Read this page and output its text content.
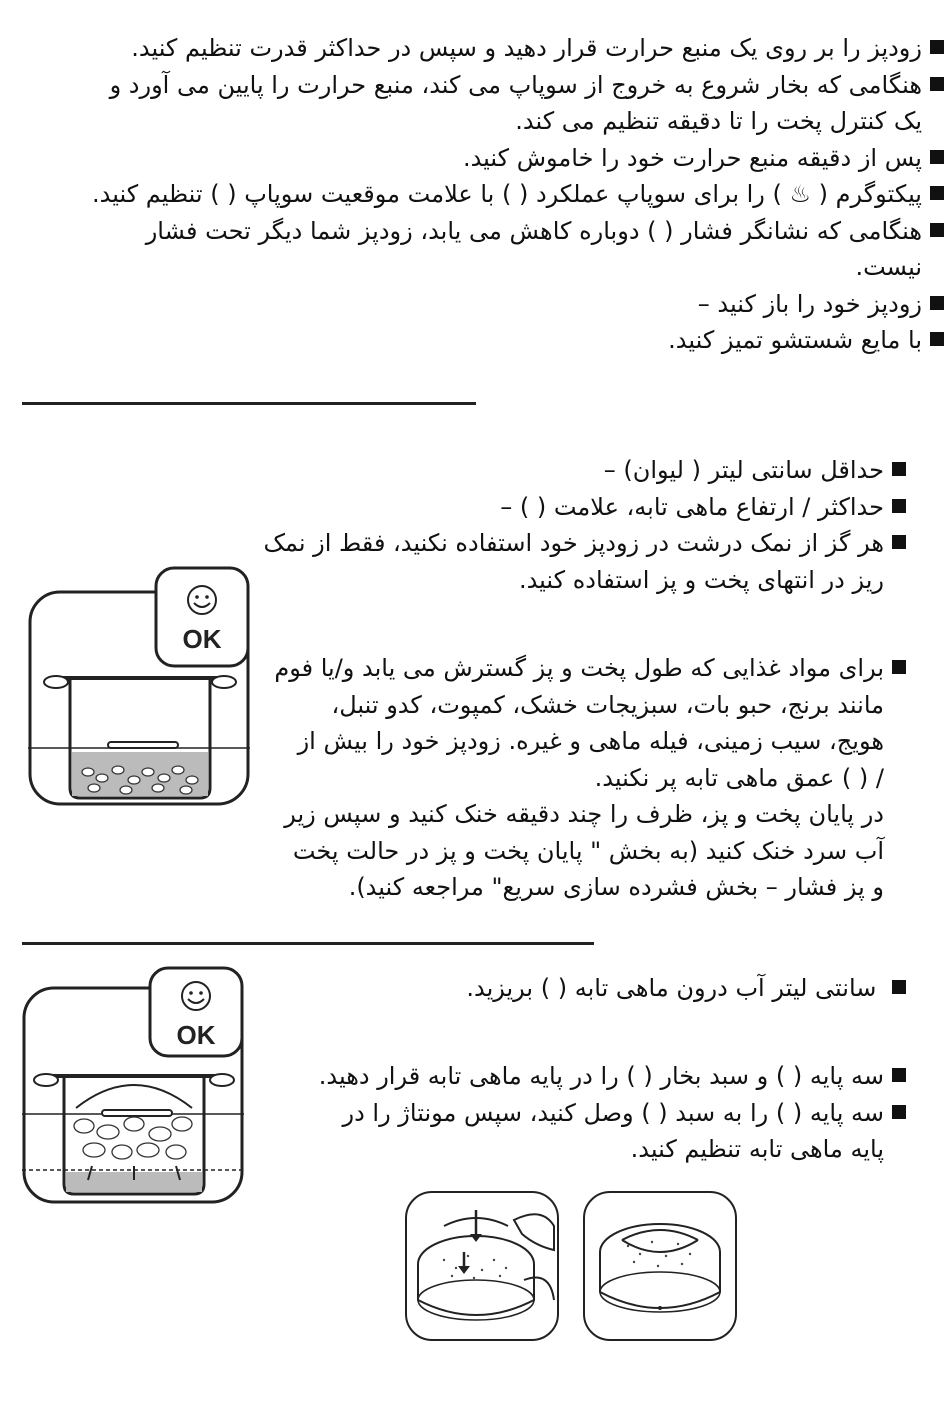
زودپز را بر روی یک منبع حرارت قرار دهید و سپس در حداکثر قدرت تنظیم کنید.
هنگامی که بخار شروع به خروج از سوپاپ می کند، منبع حرارت را پایین می آورد و
یک کنترل پخت را تا دقیقه تنظیم می کند.
پس از دقیقه منبع حرارت خود را خاموش کنید.
پیکتوگرم ( ♨ ) را برای سوپاپ عملکرد ( ) با علامت موقعیت سوپاپ ( ) تنظیم کنید.
هنگامی که نشانگر فشار ( ) دوباره کاهش می یابد، زودپز شما دیگر تحت فشار
نیست.
زودپز خود را باز کنید –
با مایع شستشو تمیز کنید.
حداقل سانتی لیتر ( لیوان) –
حداکثر / ارتفاع ماهی تابه، علامت ( ) –
هر گز از نمک درشت در زودپز خود استفاده نکنید، فقط از نمک
ریز در انتهای پخت و پز استفاده کنید.
OK
برای مواد غذایی که طول پخت و پز گسترش می یابد و/یا فوم
مانند برنج، حبو بات، سبزیجات خشک، کمپوت، کدو تنبل،
هویج، سیب زمینی، فیله ماهی و غیره. زودپز خود را بیش از
/ ( ) عمق ماهی تابه پر نکنید.
در پایان پخت و پز، ظرف را چند دقیقه خنک کنید و سپس زیر
آب سرد خنک کنید (به بخش " پایان پخت و پز در حالت پخت
و پز فشار – بخش فشرده سازی سریع" مراجعه کنید).
سانتی لیتر آب درون ماهی تابه ( ) بریزید.
OK
سه پایه ( ) و سبد بخار ( ) را در پایه ماهی تابه قرار دهید.
سه پایه ( ) را به سبد ( ) وصل کنید، سپس مونتاژ را در
پایه ماهی تابه تنظیم کنید.
